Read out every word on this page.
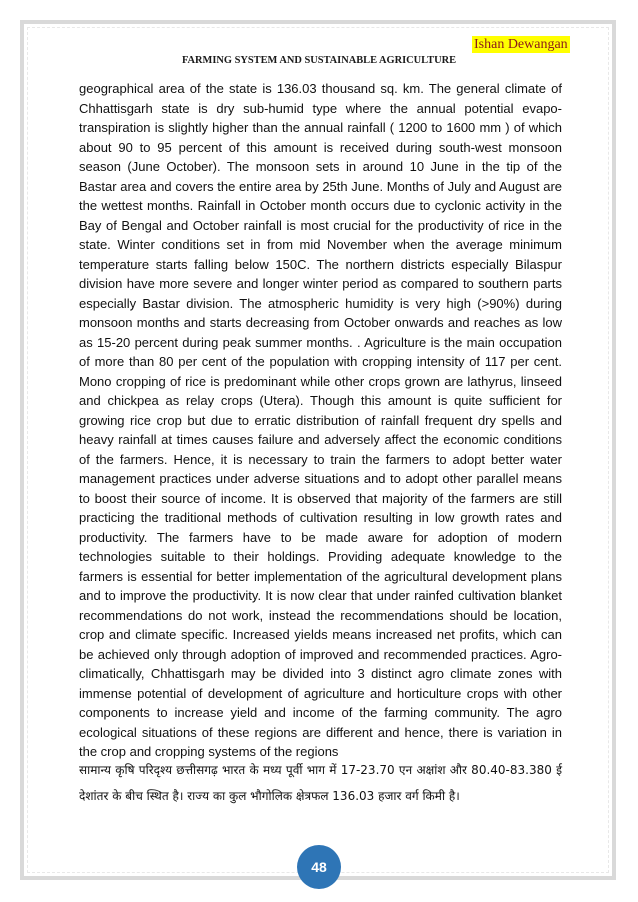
Ishan Dewangan
FARMING SYSTEM AND SUSTAINABLE AGRICULTURE
geographical area of the state is 136.03 thousand sq. km. The general climate of Chhattisgarh state is dry sub-humid type where the annual potential evapo-transpiration is slightly higher than the annual rainfall ( 1200 to 1600 mm ) of which about 90 to 95 percent of this amount is received during south-west monsoon season (June October). The monsoon sets in around 10 June in the tip of the Bastar area and covers the entire area by 25th June. Months of July and August are the wettest months. Rainfall in October month occurs due to cyclonic activity in the Bay of Bengal and October rainfall is most crucial for the productivity of rice in the state. Winter conditions set in from mid November when the average minimum temperature starts falling below 150C. The northern districts especially Bilaspur division have more severe and longer winter period as compared to southern parts especially Bastar division. The atmospheric humidity is very high (>90%) during monsoon months and starts decreasing from October onwards and reaches as low as 15-20 percent during peak summer months. . Agriculture is the main occupation of more than 80 per cent of the population with cropping intensity of 117 per cent. Mono cropping of rice is predominant while other crops grown are lathyrus, linseed and chickpea as relay crops (Utera). Though this amount is quite sufficient for growing rice crop but due to erratic distribution of rainfall frequent dry spells and heavy rainfall at times causes failure and adversely affect the economic conditions of the farmers. Hence, it is necessary to train the farmers to adopt better water management practices under adverse situations and to adopt other parallel means to boost their source of income. It is observed that majority of the farmers are still practicing the traditional methods of cultivation resulting in low growth rates and productivity. The farmers have to be made aware for adoption of modern technologies suitable to their holdings. Providing adequate knowledge to the farmers is essential for better implementation of the agricultural development plans and to improve the productivity. It is now clear that under rainfed cultivation blanket recommendations do not work, instead the recommendations should be location, crop and climate specific. Increased yields means increased net profits, which can be achieved only through adoption of improved and recommended practices. Agro-climatically, Chhattisgarh may be divided into 3 distinct agro climate zones with immense potential of development of agriculture and horticulture crops with other components to increase yield and income of the farming community. The agro ecological situations of these regions are different and hence, there is variation in the crop and cropping systems of the regions
सामान्य कृषि परिदृश्य छत्तीसगढ़ भारत के मध्य पूर्वी भाग में 17-23.70 एन अक्षांश और 80.40-83.380 ई देशांतर के बीच स्थित है। राज्य का कुल भौगोलिक क्षेत्रफल 136.03 हजार वर्ग किमी है।
48
